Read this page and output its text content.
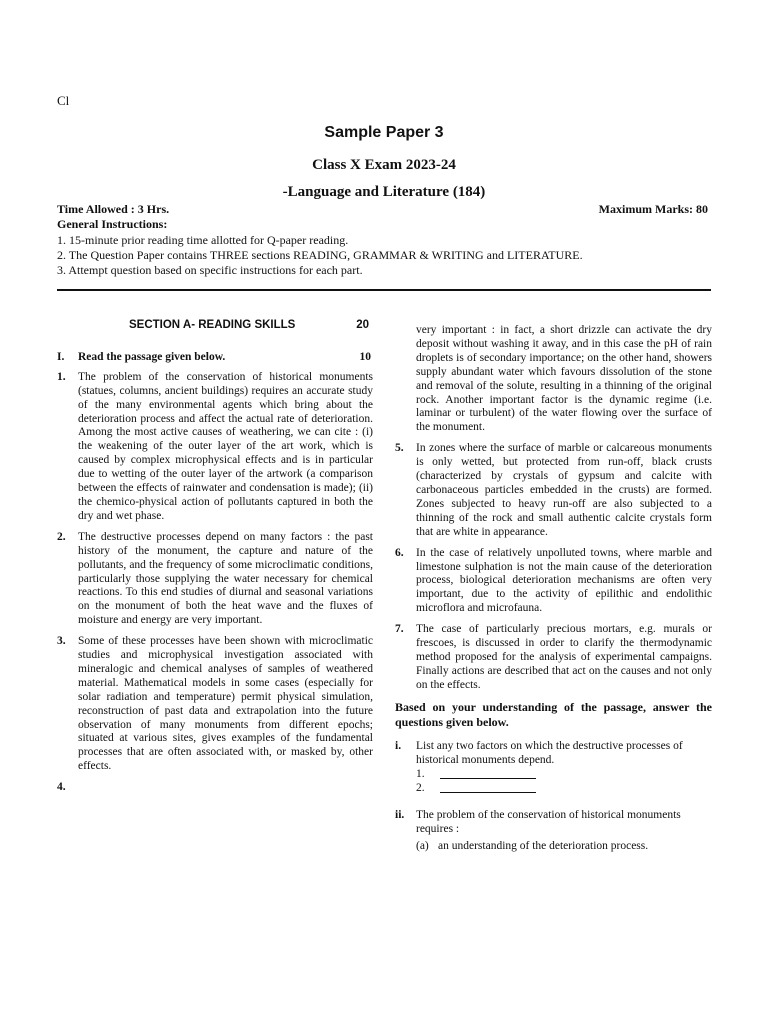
Cl
Sample Paper 3
Class X Exam 2023-24
-Language and Literature (184)
Time Allowed : 3 Hrs.	Maximum Marks: 80
General Instructions:
1. 15-minute prior reading time allotted for Q-paper reading.
2. The Question Paper contains THREE sections READING, GRAMMAR & WRITING and LITERATURE.
3. Attempt question based on specific instructions for each part.
SECTION A- READING SKILLS	20
I.	Read the passage given below.	10
1.	The problem of the conservation of historical monuments (statues, columns, ancient buildings) requires an accurate study of the many environmental agents which bring about the deterioration process and affect the actual rate of deterioration. Among the most active causes of weathering, we can cite : (i) the weakening of the outer layer of the art work, which is caused by complex microphysical effects and is in particular due to wetting of the outer layer of the artwork (a comparison between the effects of rainwater and condensation is made); (ii) the chemico-physical action of pollutants captured in both the dry and wet phase.
2.	The destructive processes depend on many factors : the past history of the monument, the capture and nature of the pollutants, and the frequency of some microclimatic conditions, particularly those supplying the water necessary for chemical reactions. To this end studies of diurnal and seasonal variations on the monument of both the heat wave and the fluxes of moisture and energy are very important.
3.	Some of these processes have been shown with microclimatic studies and microphysical investigation associated with mineralogic and chemical analyses of samples of weathered material. Mathematical models in some cases (especially for solar radiation and temperature) permit physical simulation, reconstruction of past data and extrapolation into the future observation of many monuments from different epochs; situated at various sites, gives examples of the fundamental processes that are often associated with, or masked by, other effects.
4.
very important : in fact, a short drizzle can activate the dry deposit without washing it away, and in this case the pH of rain droplets is of secondary importance; on the other hand, showers supply abundant water which favours dissolution of the stone and removal of the solute, resulting in a thinning of the original rock. Another important factor is the dynamic regime (i.e. laminar or turbulent) of the water flowing over the surface of the monument.
5.	In zones where the surface of marble or calcareous monuments is only wetted, but protected from run-off, black crusts (characterized by crystals of gypsum and calcite with carbonaceous particles embedded in the crusts) are formed. Zones subjected to heavy run-off are also subjected to a thinning of the rock and small authentic calcite crystals form that are white in appearance.
6.	In the case of relatively unpolluted towns, where marble and limestone sulphation is not the main cause of the deterioration process, biological deterioration mechanisms are often very important, due to the activity of epilithic and endolithic microflora and microfauna.
7.	The case of particularly precious mortars, e.g. murals or frescoes, is discussed in order to clarify the thermodynamic method proposed for the analysis of experimental campaigns. Finally actions are described that act on the causes and not only on the effects.
Based on your understanding of the passage, answer the questions given below.
i.	List any two factors on which the destructive processes of historical monuments depend.
1.
2.
ii.	The problem of the conservation of historical monuments requires :
(a) an understanding of the deterioration process.
